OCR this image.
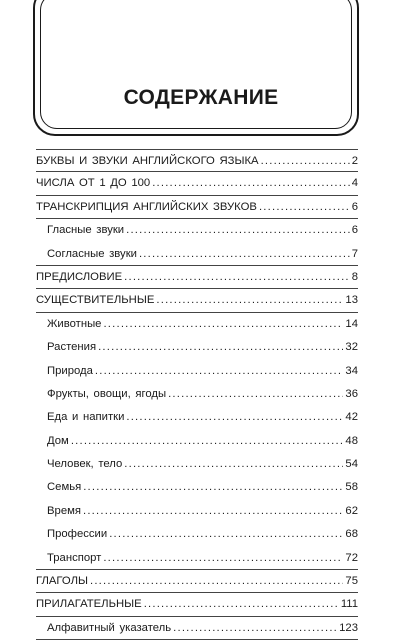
СОДЕРЖАНИЕ
БУКВЫ И ЗВУКИ АНГЛИЙСКОГО ЯЗЫКА .....	2
ЧИСЛА ОТ 1 ДО 100 .....	4
ТРАНСКРИПЦИЯ АНГЛИЙСКИХ ЗВУКОВ .....	6
Гласные звуки .....	6
Согласные звуки .....	7
ПРЕДИСЛОВИЕ .....	8
СУЩЕСТВИТЕЛЬНЫЕ .....	13
Животные .....	14
Растения .....	32
Природа .....	34
Фрукты, овощи, ягоды .....	36
Еда и напитки .....	42
Дом .....	48
Человек, тело .....	54
Семья .....	58
Время .....	62
Профессии .....	68
Транспорт .....	72
ГЛАГОЛЫ .....	75
ПРИЛАГАТЕЛЬНЫЕ .....	111
Алфавитный указатель .....	123
